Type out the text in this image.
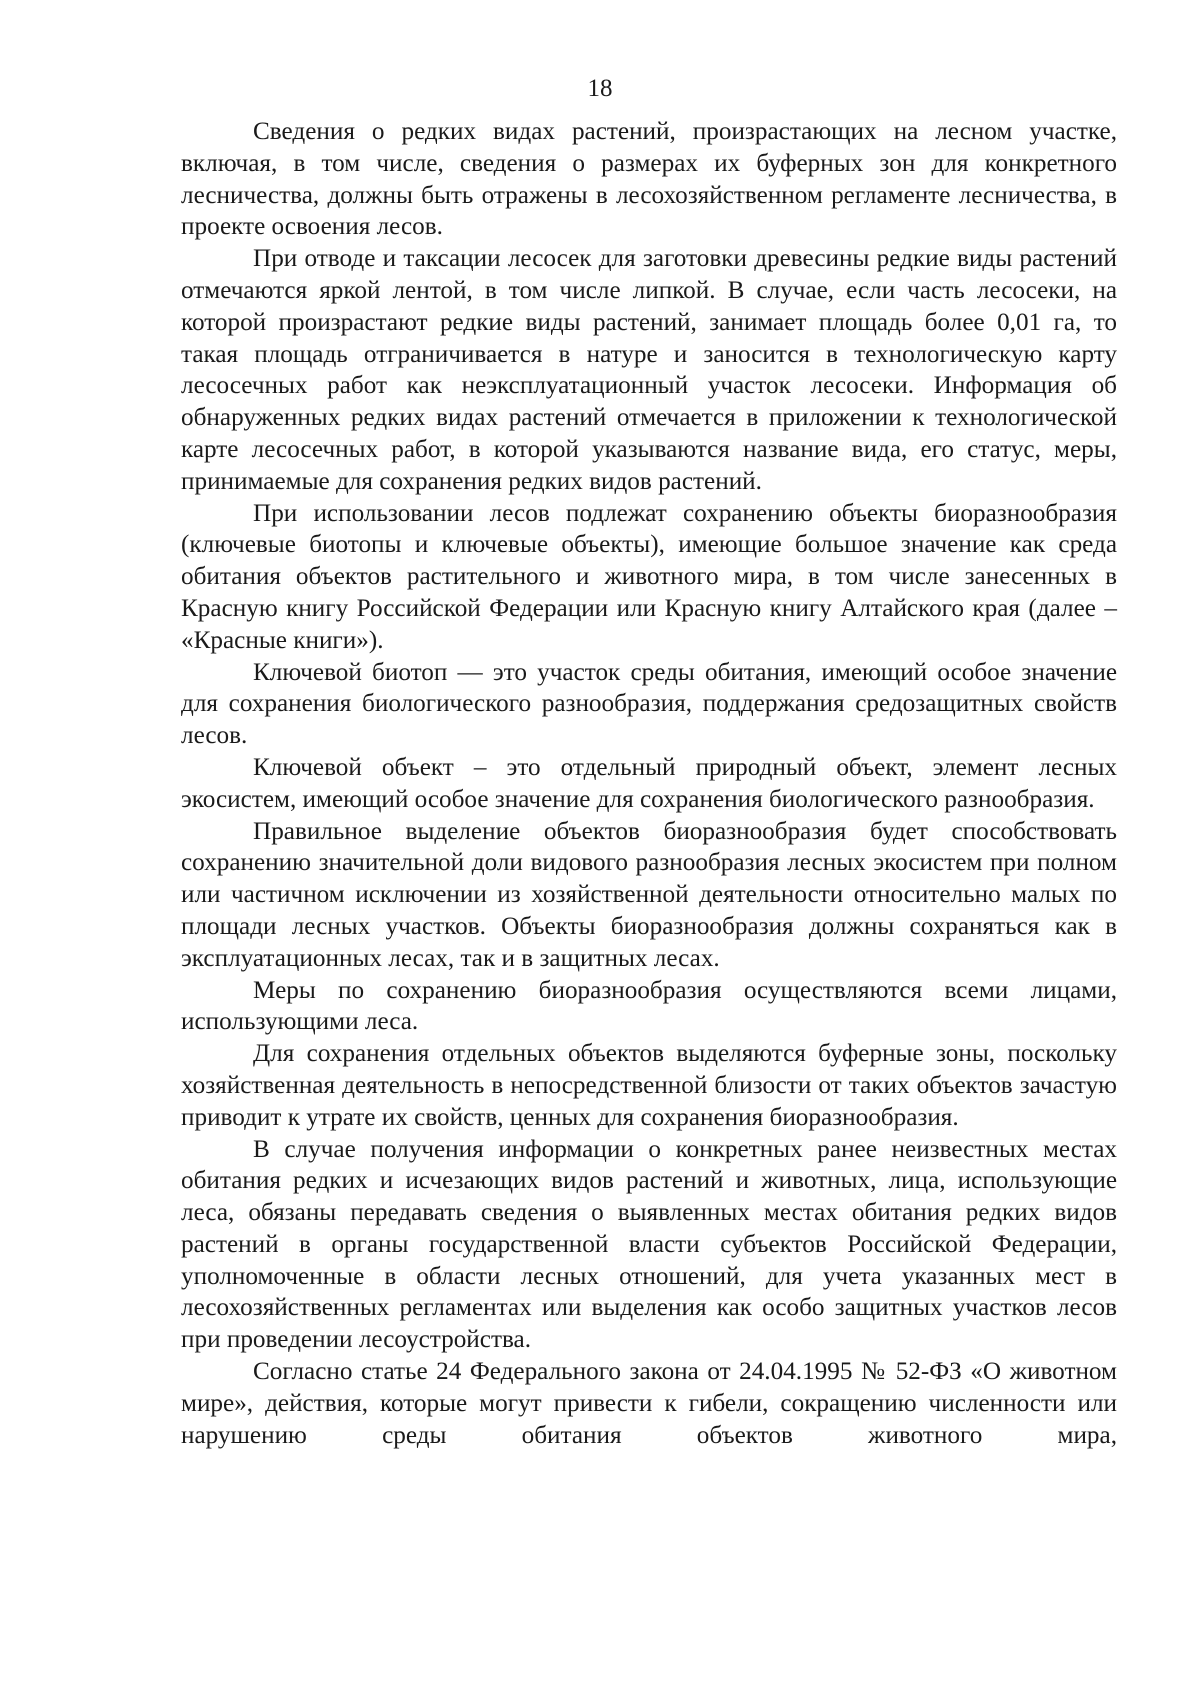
18

Сведения о редких видах растений, произрастающих на лесном участке, включая, в том числе, сведения о размерах их буферных зон для конкретного лесничества, должны быть отражены в лесохозяйственном регламенте лесничества, в проекте освоения лесов.

При отводе и таксации лесосек для заготовки древесины редкие виды растений отмечаются яркой лентой, в том числе липкой. В случае, если часть лесосеки, на которой произрастают редкие виды растений, занимает площадь более 0,01 га, то такая площадь отграничивается в натуре и заносится в технологическую карту лесосечных работ как неэксплуатационный участок лесосеки. Информация об обнаруженных редких видах растений отмечается в приложении к технологической карте лесосечных работ, в которой указываются название вида, его статус, меры, принимаемые для сохранения редких видов растений.

При использовании лесов подлежат сохранению объекты биоразнообразия (ключевые биотопы и ключевые объекты), имеющие большое значение как среда обитания объектов растительного и животного мира, в том числе занесенных в Красную книгу Российской Федерации или Красную книгу Алтайского края (далее – «Красные книги»).

Ключевой биотоп — это участок среды обитания, имеющий особое значение для сохранения биологического разнообразия, поддержания средозащитных свойств лесов.

Ключевой объект – это отдельный природный объект, элемент лесных экосистем, имеющий особое значение для сохранения биологического разнообразия.

Правильное выделение объектов биоразнообразия будет способствовать сохранению значительной доли видового разнообразия лесных экосистем при полном или частичном исключении из хозяйственной деятельности относительно малых по площади лесных участков. Объекты биоразнообразия должны сохраняться как в эксплуатационных лесах, так и в защитных лесах.

Меры по сохранению биоразнообразия осуществляются всеми лицами, использующими леса.

Для сохранения отдельных объектов выделяются буферные зоны, поскольку хозяйственная деятельность в непосредственной близости от таких объектов зачастую приводит к утрате их свойств, ценных для сохранения биоразнообразия.

В случае получения информации о конкретных ранее неизвестных местах обитания редких и исчезающих видов растений и животных, лица, использующие леса, обязаны передавать сведения о выявленных местах обитания редких видов растений в органы государственной власти субъектов Российской Федерации, уполномоченные в области лесных отношений, для учета указанных мест в лесохозяйственных регламентах или выделения как особо защитных участков лесов при проведении лесоустройства.

Согласно статье 24 Федерального закона от 24.04.1995 № 52-ФЗ «О животном мире», действия, которые могут привести к гибели, сокращению численности или нарушению среды обитания объектов животного мира,
